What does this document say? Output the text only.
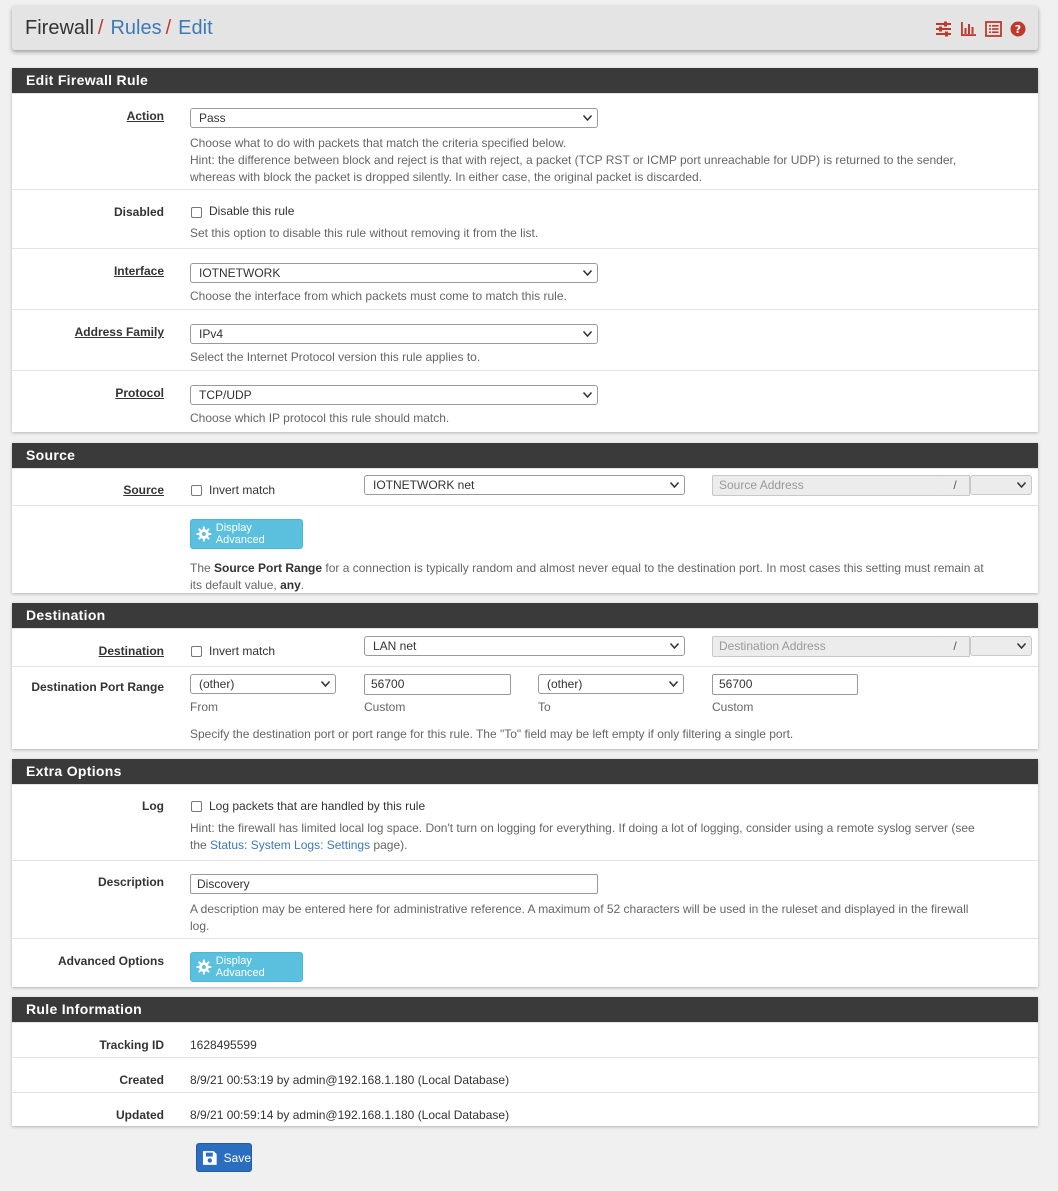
Firewall / Rules / Edit	?
Edit Firewall Rule
Action	Pass
Choose what to do with packets that match the criteria specified below.
Hint: the difference between block and reject is that with reject, a packet (TCP RST or ICMP port unreachable for UDP) is returned to the sender,
whereas with block the packet is dropped silently. In either case, the original packet is discarded.
Disabled	Disable this rule
Set this option to disable this rule without removing it from the list.
Interface	IOTNETWORK
Choose the interface from which packets must come to match this rule.
Address Family	IPv4
Select the Internet Protocol version this rule applies to.
Protocol	TCP/UDP
Choose which IP protocol this rule should match.
Source
Source	Invert match	IOTNETWORK net	Source Address	/
Display Advanced
The Source Port Range for a connection is typically random and almost never equal to the destination port. In most cases this setting must remain at
its default value, any.
Destination
Destination	Invert match	LAN net	Destination Address	/
Destination Port Range	(other)	56700	(other)	56700
From	Custom	To	Custom
Specify the destination port or port range for this rule. The "To" field may be left empty if only filtering a single port.
Extra Options
Log	Log packets that are handled by this rule
Hint: the firewall has limited local log space. Don't turn on logging for everything. If doing a lot of logging, consider using a remote syslog server (see
the Status: System Logs: Settings page).
Description	Discovery
A description may be entered here for administrative reference. A maximum of 52 characters will be used in the ruleset and displayed in the firewall
log.
Advanced Options	Display Advanced
Rule Information
Tracking ID 1628495599
Created 8/9/21 00:53:19 by admin@192.168.1.180 (Local Database)
Updated 8/9/21 00:59:14 by admin@192.168.1.180 (Local Database)
Save
